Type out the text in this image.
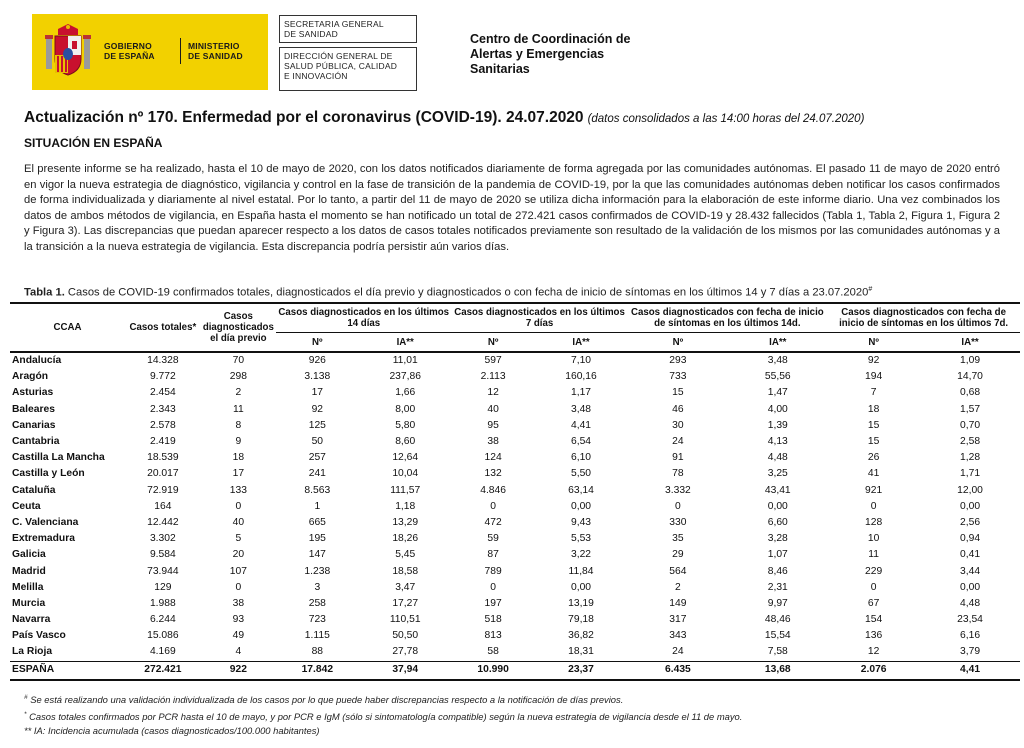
GOBIERNO
DE ESPAÑA
MINISTERIO
DE SANIDAD
SECRETARIA GENERAL
DE SANIDAD
DIRECCIÓN GENERAL DE
SALUD PÚBLICA, CALIDAD
E INNOVACIÓN
Centro de Coordinación de
Alertas y Emergencias
Sanitarias
Actualización nº 170. Enfermedad por el coronavirus (COVID-19). 24.07.2020 (datos consolidados a las 14:00 horas del 24.07.2020)
SITUACIÓN EN ESPAÑA
El presente informe se ha realizado, hasta el 10 de mayo de 2020, con los datos notificados diariamente de forma agregada por las comunidades autónomas. El pasado 11 de mayo de 2020 entró en vigor la nueva estrategia de diagnóstico, vigilancia y control en la fase de transición de la pandemia de COVID-19, por la que las comunidades autónomas deben notificar los casos confirmados de forma individualizada y diariamente al nivel estatal. Por lo tanto, a partir del 11 de mayo de 2020 se utiliza dicha información para la elaboración de este informe diario. Una vez combinados los datos de ambos métodos de vigilancia, en España hasta el momento se han notificado un total de 272.421 casos confirmados de COVID-19 y 28.432 fallecidos (Tabla 1, Tabla 2, Figura 1, Figura 2 y Figura 3). Las discrepancias que puedan aparecer respecto a los datos de casos totales notificados previamente son resultado de la validación de los mismos por las comunidades autónomas y a la transición a la nueva estrategia de vigilancia. Esta discrepancia podría persistir aún varios días.
Tabla 1. Casos de COVID-19 confirmados totales, diagnosticados el día previo y diagnosticados o con fecha de inicio de síntomas en los últimos 14 y 7 días a 23.07.2020#
CCAA	Casos totales*	Casos diagnosticados el día previo	Casos diagnosticados en los últimos 14 días		Casos diagnosticados en los últimos 7 días		Casos diagnosticados con fecha de inicio de síntomas en los últimos 14d.		Casos diagnosticados con fecha de inicio de síntomas en los últimos 7d.	
			Nº	IA**	Nº	IA**	Nº	IA**	Nº	IA**
Andalucía	14.328	70	926	11,01	597	7,10	293	3,48	92	1,09
Aragón	9.772	298	3.138	237,86	2.113	160,16	733	55,56	194	14,70
Asturias	2.454	2	17	1,66	12	1,17	15	1,47	7	0,68
Baleares	2.343	11	92	8,00	40	3,48	46	4,00	18	1,57
Canarias	2.578	8	125	5,80	95	4,41	30	1,39	15	0,70
Cantabria	2.419	9	50	8,60	38	6,54	24	4,13	15	2,58
Castilla La Mancha	18.539	18	257	12,64	124	6,10	91	4,48	26	1,28
Castilla y León	20.017	17	241	10,04	132	5,50	78	3,25	41	1,71
Cataluña	72.919	133	8.563	111,57	4.846	63,14	3.332	43,41	921	12,00
Ceuta	164	0	1	1,18	0	0,00	0	0,00	0	0,00
C. Valenciana	12.442	40	665	13,29	472	9,43	330	6,60	128	2,56
Extremadura	3.302	5	195	18,26	59	5,53	35	3,28	10	0,94
Galicia	9.584	20	147	5,45	87	3,22	29	1,07	11	0,41
Madrid	73.944	107	1.238	18,58	789	11,84	564	8,46	229	3,44
Melilla	129	0	3	3,47	0	0,00	2	2,31	0	0,00
Murcia	1.988	38	258	17,27	197	13,19	149	9,97	67	4,48
Navarra	6.244	93	723	110,51	518	79,18	317	48,46	154	23,54
País Vasco	15.086	49	1.115	50,50	813	36,82	343	15,54	136	6,16
La Rioja	4.169	4	88	27,78	58	18,31	24	7,58	12	3,79
ESPAÑA	272.421	922	17.842	37,94	10.990	23,37	6.435	13,68	2.076	4,41
# Se está realizando una validación individualizada de los casos por lo que puede haber discrepancias respecto a la notificación de días previos.
* Casos totales confirmados por PCR hasta el 10 de mayo, y por PCR e IgM (sólo si sintomatología compatible) según la nueva estrategia de vigilancia desde el 11 de mayo.
** IA: Incidencia acumulada (casos diagnosticados/100.000 habitantes)
